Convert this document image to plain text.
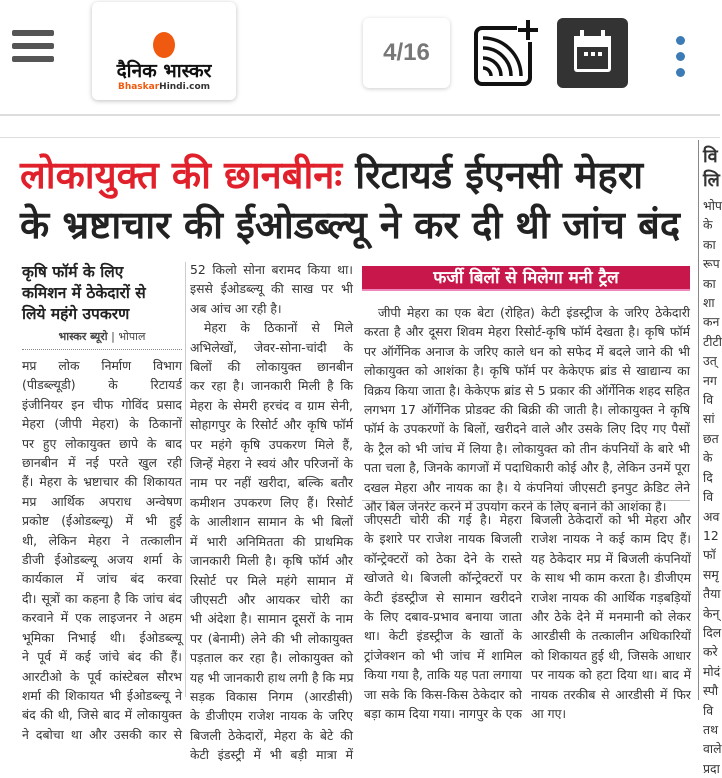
दैनिक भास्कर
BhaskarHindi.com
4/16
लोकायुक्त की छानबीनः रिटायर्ड ईएनसी मेहरा
के भ्रष्टाचार की ईओडब्ल्यू ने कर दी थी जांच बंद
कृषि फॉर्म के लिए
कमिशन में ठेकेदारों से
लिये महंगे उपकरण
भास्कर ब्यूरो | भोपाल
मप्र लोक निर्माण विभाग
(पीडब्ल्यूडी) के रिटायर्ड
इंजीनियर इन चीफ गोविंद प्रसाद
मेहरा (जीपी मेहरा) के ठिकानों
पर हुए लोकायुक्त छापे के बाद
छानबीन में नई परते खुल रही
हैं। मेहरा के भ्रष्टाचार की शिकायत
मप्र आर्थिक अपराध अन्वेषण
प्रकोष्ट (ईओडब्ल्यू) में भी हुई
थी, लेकिन मेहरा ने तत्कालीन
डीजी ईओडब्ल्यू अजय शर्मा के
कार्यकाल में जांच बंद करवा
दी। सूत्रों का कहना है कि जांच बंद
करवाने में एक लाइजनर ने अहम
भूमिका निभाई थी। ईओडब्ल्यू
ने पूर्व में कई जांचे बंद की हैं।
आरटीओ के पूर्व कांस्टेबल सौरभ
शर्मा की शिकायत भी ईओडब्ल्यू ने
बंद की थी, जिसे बाद में लोकायुक्त
ने दबोचा था और उसकी कार से
52 किलो सोना बरामद किया था।
इससे ईओडब्ल्यू की साख पर भी
अब आंच आ रही है।
मेहरा के ठिकानों से मिले
अभिलेखों, जेवर-सोना-चांदी के
बिलों की लोकायुक्त छानबीन
कर रहा है। जानकारी मिली है कि
मेहरा के सेमरी हरचंद व ग्राम सेनी,
सोहागपुर के रिसोर्ट और कृषि फॉर्म
पर महंगे कृषि उपकरण मिले हैं,
जिन्हें मेहरा ने स्वयं और परिजनों के
नाम पर नहीं खरीदा, बल्कि बतौर
कमीशन उपकरण लिए हैं। रिसोर्ट
के आलीशान सामान के भी बिलों
में भारी अनिमितता की प्राथमिक
जानकारी मिली है। कृषि फॉर्म और
रिसोर्ट पर मिले महंगे सामान में
जीएसटी और आयकर चोरी का
भी अंदेशा है। सामान दूसरों के नाम
पर (बेनामी) लेने की भी लोकायुक्त
पड़ताल कर रहा है। लोकायुक्त को
यह भी जानकारी हाथ लगी है कि मप्र
सड़क विकास निगम (आरडीसी)
के डीजीएम राजेश नायक के जरिए
बिजली ठेकेदारों, मेहरा के बेटे की
केटी इंडस्ट्री में भी बड़ी मात्रा में
फर्जी बिलों से मिलेगा मनी ट्रैल
जीपी मेहरा का एक बेटा (रोहित) केटी इंडस्ट्रीज के जरिए ठेकेदारी
करता है और दूसरा शिवम मेहरा रिसोर्ट-कृषि फॉर्म देखता है। कृषि फॉर्म
पर ऑर्गेनिक अनाज के जरिए काले धन को सफेद में बदले जाने की भी
लोकायुक्त को आशंका है। कृषि फॉर्म पर केकेएफ ब्रांड से खाद्यान्य का
विक्रय किया जाता है। केकेएफ ब्रांड से 5 प्रकार की ऑर्गेनिक शहद सहित
लगभग 17 ऑर्गेनिक प्रोडक्ट की बिक्री की जाती है। लोकायुक्त ने कृषि
फॉर्म के उपकरणों के बिलों, खरीदने वाले और उसके लिए दिए गए पैसों
के ट्रैल को भी जांच में लिया है। लोकायुक्त को तीन कंपनियों के बारे भी
पता चला है, जिनके कागजों में पदाधिकारी कोई और है, लेकिन उनमें पूरा
दखल मेहरा और नायक का है। ये कंपनियां जीएसटी इनपुट क्रेडिट लेने
और बिल जेनरेट करने में उपयोग करने के लिए बनाने की आशंका है।
जीएसटी चोरी की गई है। मेहरा
के इशारे पर राजेश नायक बिजली
कॉन्ट्रेक्टरों को ठेका देने के रास्ते
खोजते थे। बिजली कॉन्ट्रेक्टरों पर
केटी इंडस्ट्रीज से सामान खरीदने
के लिए दबाव-प्रभाव बनाया जाता
था। केटी इंडस्ट्रीज के खातों के
ट्रांजेक्शन को भी जांच में शामिल
किया गया है, ताकि यह पता लगाया
जा सके कि किस-किस ठेकेदार को
बड़ा काम दिया गया। नागपुर के एक
बिजली ठेकेदारों को भी मेहरा और
राजेश नायक ने कई काम दिए हैं।
यह ठेकेदार मप्र में बिजली कंपनियों
के साथ भी काम करता है। डीजीएम
राजेश नायक की आर्थिक गड़बड़ियों
और ठेके देने में मनमानी को लेकर
आरडीसी के तत्कालीन अधिकारियों
को शिकायत हुई थी, जिसके आधार
पर नायक को हटा दिया था। बाद में
नायक तरकीब से आरडीसी में फिर
आ गए।
वि
लि
भोप
के
का
रूप
का
शा
कन
टीटी
उत्
नग
वि
सां
छत
के
दि
वि
अव
12
फॉ
समृ
तैया
केन्
दिल
करे
मोदं
स्पौ
वि
तथ
वाले
प्रदा
